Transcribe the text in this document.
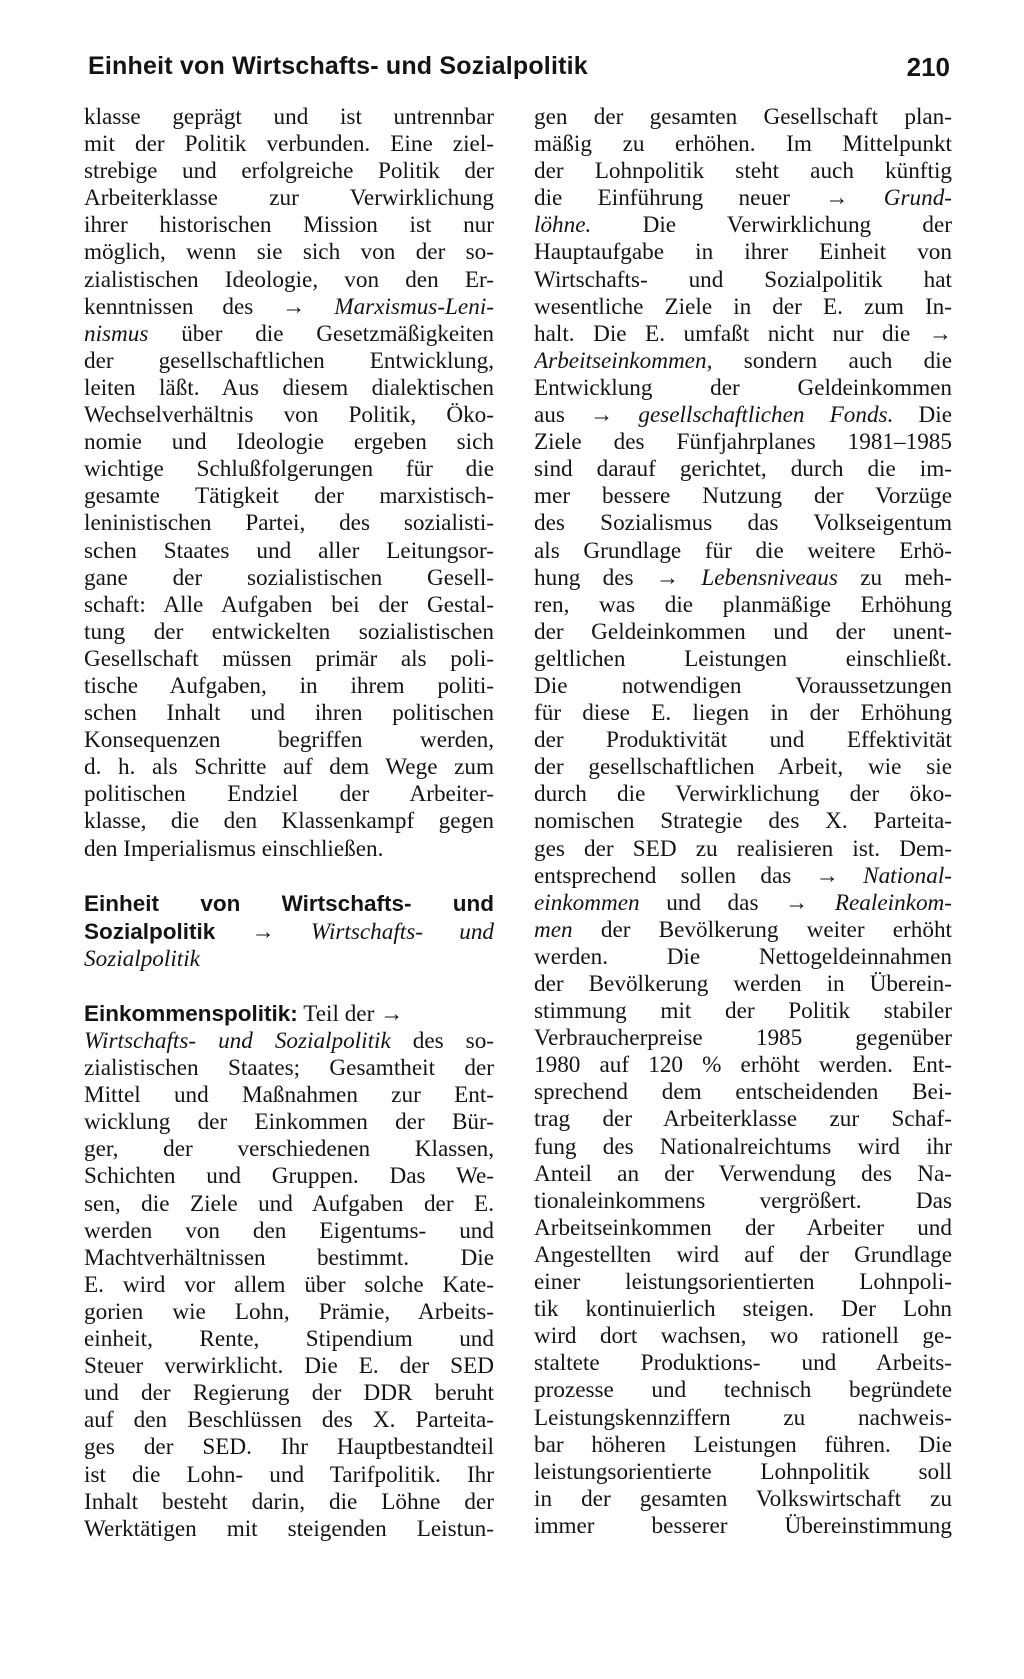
Einheit von Wirtschafts- und Sozialpolitik	210
klasse geprägt und ist untrennbar
mit der Politik verbunden. Eine ziel-
strebige und erfolgreiche Politik der
Arbeiterklasse zur Verwirklichung
ihrer historischen Mission ist nur
möglich, wenn sie sich von der so-
zialistischen Ideologie, von den Er-
kenntnissen des → Marxismus-Leni-
nismus über die Gesetzmäßigkeiten
der gesellschaftlichen Entwicklung,
leiten läßt. Aus diesem dialektischen
Wechselverhältnis von Politik, Öko-
nomie und Ideologie ergeben sich
wichtige Schlußfolgerungen für die
gesamte Tätigkeit der marxistisch-
leninistischen Partei, des sozialisti-
schen Staates und aller Leitungsor-
gane der sozialistischen Gesell-
schaft: Alle Aufgaben bei der Gestal-
tung der entwickelten sozialistischen
Gesellschaft müssen primär als poli-
tische Aufgaben, in ihrem politi-
schen Inhalt und ihren politischen
Konsequenzen begriffen werden,
d. h. als Schritte auf dem Wege zum
politischen Endziel der Arbeiter-
klasse, die den Klassenkampf gegen
den Imperialismus einschließen.
Einheit von Wirtschafts- und
Sozialpolitik → Wirtschafts- und
Sozialpolitik
Einkommenspolitik: Teil der →
Wirtschafts- und Sozialpolitik des so-
zialistischen Staates; Gesamtheit der
Mittel und Maßnahmen zur Ent-
wicklung der Einkommen der Bür-
ger, der verschiedenen Klassen,
Schichten und Gruppen. Das We-
sen, die Ziele und Aufgaben der E.
werden von den Eigentums- und
Machtverhältnissen bestimmt. Die
E. wird vor allem über solche Kate-
gorien wie Lohn, Prämie, Arbeits-
einheit, Rente, Stipendium und
Steuer verwirklicht. Die E. der SED
und der Regierung der DDR beruht
auf den Beschlüssen des X. Parteita-
ges der SED. Ihr Hauptbestandteil
ist die Lohn- und Tarifpolitik. Ihr
Inhalt besteht darin, die Löhne der
Werktätigen mit steigenden Leistun-
gen der gesamten Gesellschaft plan-
mäßig zu erhöhen. Im Mittelpunkt
der Lohnpolitik steht auch künftig
die Einführung neuer → Grund-
löhne. Die Verwirklichung der
Hauptaufgabe in ihrer Einheit von
Wirtschafts- und Sozialpolitik hat
wesentliche Ziele in der E. zum In-
halt. Die E. umfaßt nicht nur die →
Arbeitseinkommen, sondern auch die
Entwicklung der Geldeinkommen
aus → gesellschaftlichen Fonds. Die
Ziele des Fünfjahrplanes 1981–1985
sind darauf gerichtet, durch die im-
mer bessere Nutzung der Vorzüge
des Sozialismus das Volkseigentum
als Grundlage für die weitere Erhö-
hung des → Lebensniveaus zu meh-
ren, was die planmäßige Erhöhung
der Geldeinkommen und der unent-
geltlichen Leistungen einschließt.
Die notwendigen Voraussetzungen
für diese E. liegen in der Erhöhung
der Produktivität und Effektivität
der gesellschaftlichen Arbeit, wie sie
durch die Verwirklichung der öko-
nomischen Strategie des X. Parteita-
ges der SED zu realisieren ist. Dem-
entsprechend sollen das → National-
einkommen und das → Realeinkom-
men der Bevölkerung weiter erhöht
werden. Die Nettogeldeinnahmen
der Bevölkerung werden in Überein-
stimmung mit der Politik stabiler
Verbraucherpreise 1985 gegenüber
1980 auf 120 % erhöht werden. Ent-
sprechend dem entscheidenden Bei-
trag der Arbeiterklasse zur Schaf-
fung des Nationalreichtums wird ihr
Anteil an der Verwendung des Na-
tionaleinkommens vergrößert. Das
Arbeitseinkommen der Arbeiter und
Angestellten wird auf der Grundlage
einer leistungsorientierten Lohnpoli-
tik kontinuierlich steigen. Der Lohn
wird dort wachsen, wo rationell ge-
staltete Produktions- und Arbeits-
prozesse und technisch begründete
Leistungskennziffern zu nachweis-
bar höheren Leistungen führen. Die
leistungsorientierte Lohnpolitik soll
in der gesamten Volkswirtschaft zu
immer besserer Übereinstimmung
